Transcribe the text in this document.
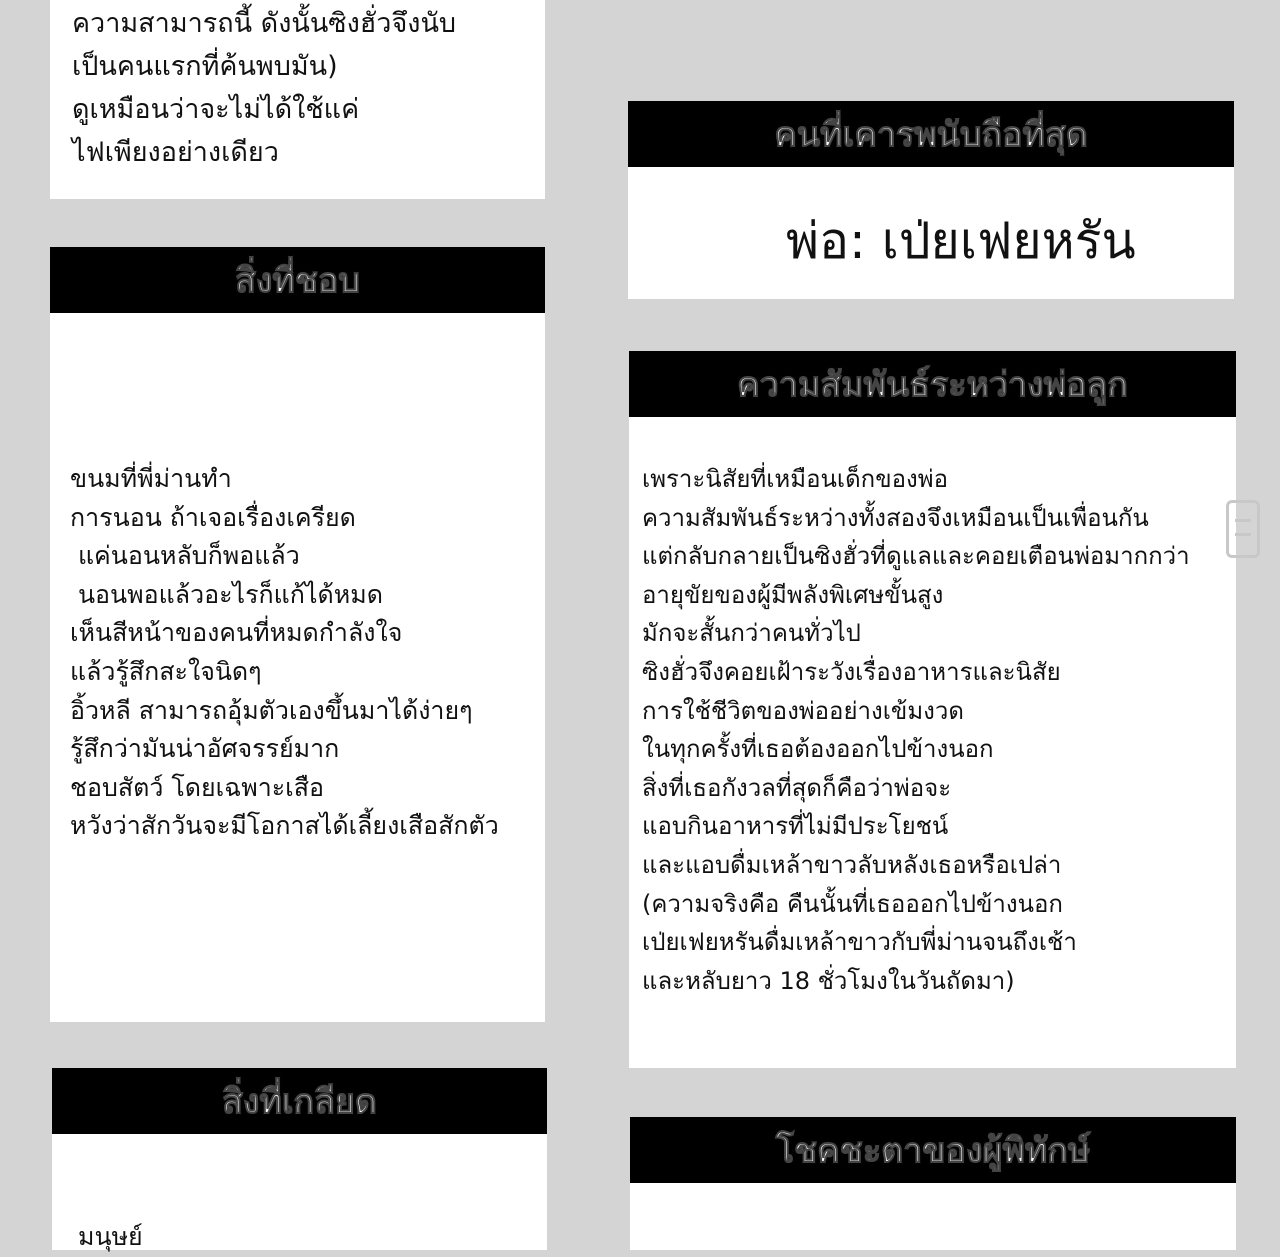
ความสามารถนี้ ดังนั้นซิงฮั่วจึงนับ
เป็นคนแรกที่ค้นพบมัน)
ดูเหมือนว่าจะไม่ได้ใช้แค่
ไฟเพียงอย่างเดียว
สิ่งที่ชอบ
ขนมที่พี่ม่านทำ
การนอน ถ้าเจอเรื่องเครียด
แค่นอนหลับก็พอแล้ว
นอนพอแล้วอะไรก็แก้ได้หมด
เห็นสีหน้าของคนที่หมดกำลังใจ
แล้วรู้สึกสะใจนิดๆ
อิ้วหลี สามารถอุ้มตัวเองขึ้นมาได้ง่ายๆ
รู้สึกว่ามันน่าอัศจรรย์มาก
ชอบสัตว์ โดยเฉพาะเสือ
หวังว่าสักวันจะมีโอกาสได้เลี้ยงเสือสักตัว
สิ่งที่เกลียด
มนุษย์
คนที่เคารพนับถือที่สุด
พ่อ: เป่ยเฟยหรัน
ความสัมพันธ์ระหว่างพ่อลูก
เพราะนิสัยที่เหมือนเด็กของพ่อ
ความสัมพันธ์ระหว่างทั้งสองจึงเหมือนเป็นเพื่อนกัน
แต่กลับกลายเป็นซิงฮั่วที่ดูแลและคอยเตือนพ่อมากกว่า
อายุขัยของผู้มีพลังพิเศษขั้นสูง
มักจะสั้นกว่าคนทั่วไป
ซิงฮั่วจึงคอยเฝ้าระวังเรื่องอาหารและนิสัย
การใช้ชีวิตของพ่ออย่างเข้มงวด
ในทุกครั้งที่เธอต้องออกไปข้างนอก
สิ่งที่เธอกังวลที่สุดก็คือว่าพ่อจะ
แอบกินอาหารที่ไม่มีประโยชน์
และแอบดื่มเหล้าขาวลับหลังเธอหรือเปล่า
(ความจริงคือ คืนนั้นที่เธอออกไปข้างนอก
เป่ยเฟยหรันดื่มเหล้าขาวกับพี่ม่านจนถึงเช้า
และหลับยาว 18 ชั่วโมงในวันถัดมา)
โชคชะตาของผู้พิทักษ์
